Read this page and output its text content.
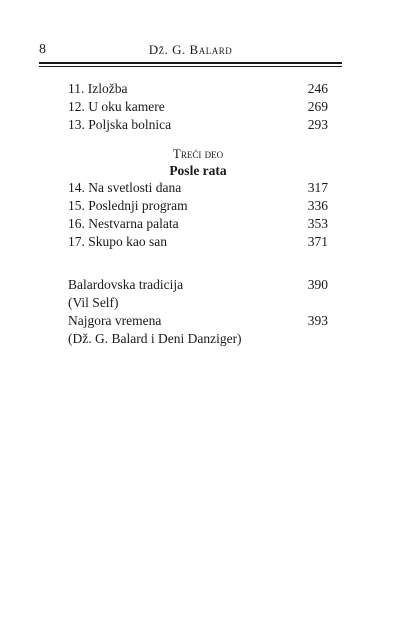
8	Dž. G. Balard
11. Izložba	246
12. U oku kamere	269
13. Poljska bolnica	293
Treći deo
Posle rata
14. Na svetlosti dana	317
15. Poslednji program	336
16. Nestvarna palata	353
17. Skupo kao san	371
Balardovska tradicija	390
(Vil Self)
Najgora vremena	393
(Dž. G. Balard i Deni Danziger)
